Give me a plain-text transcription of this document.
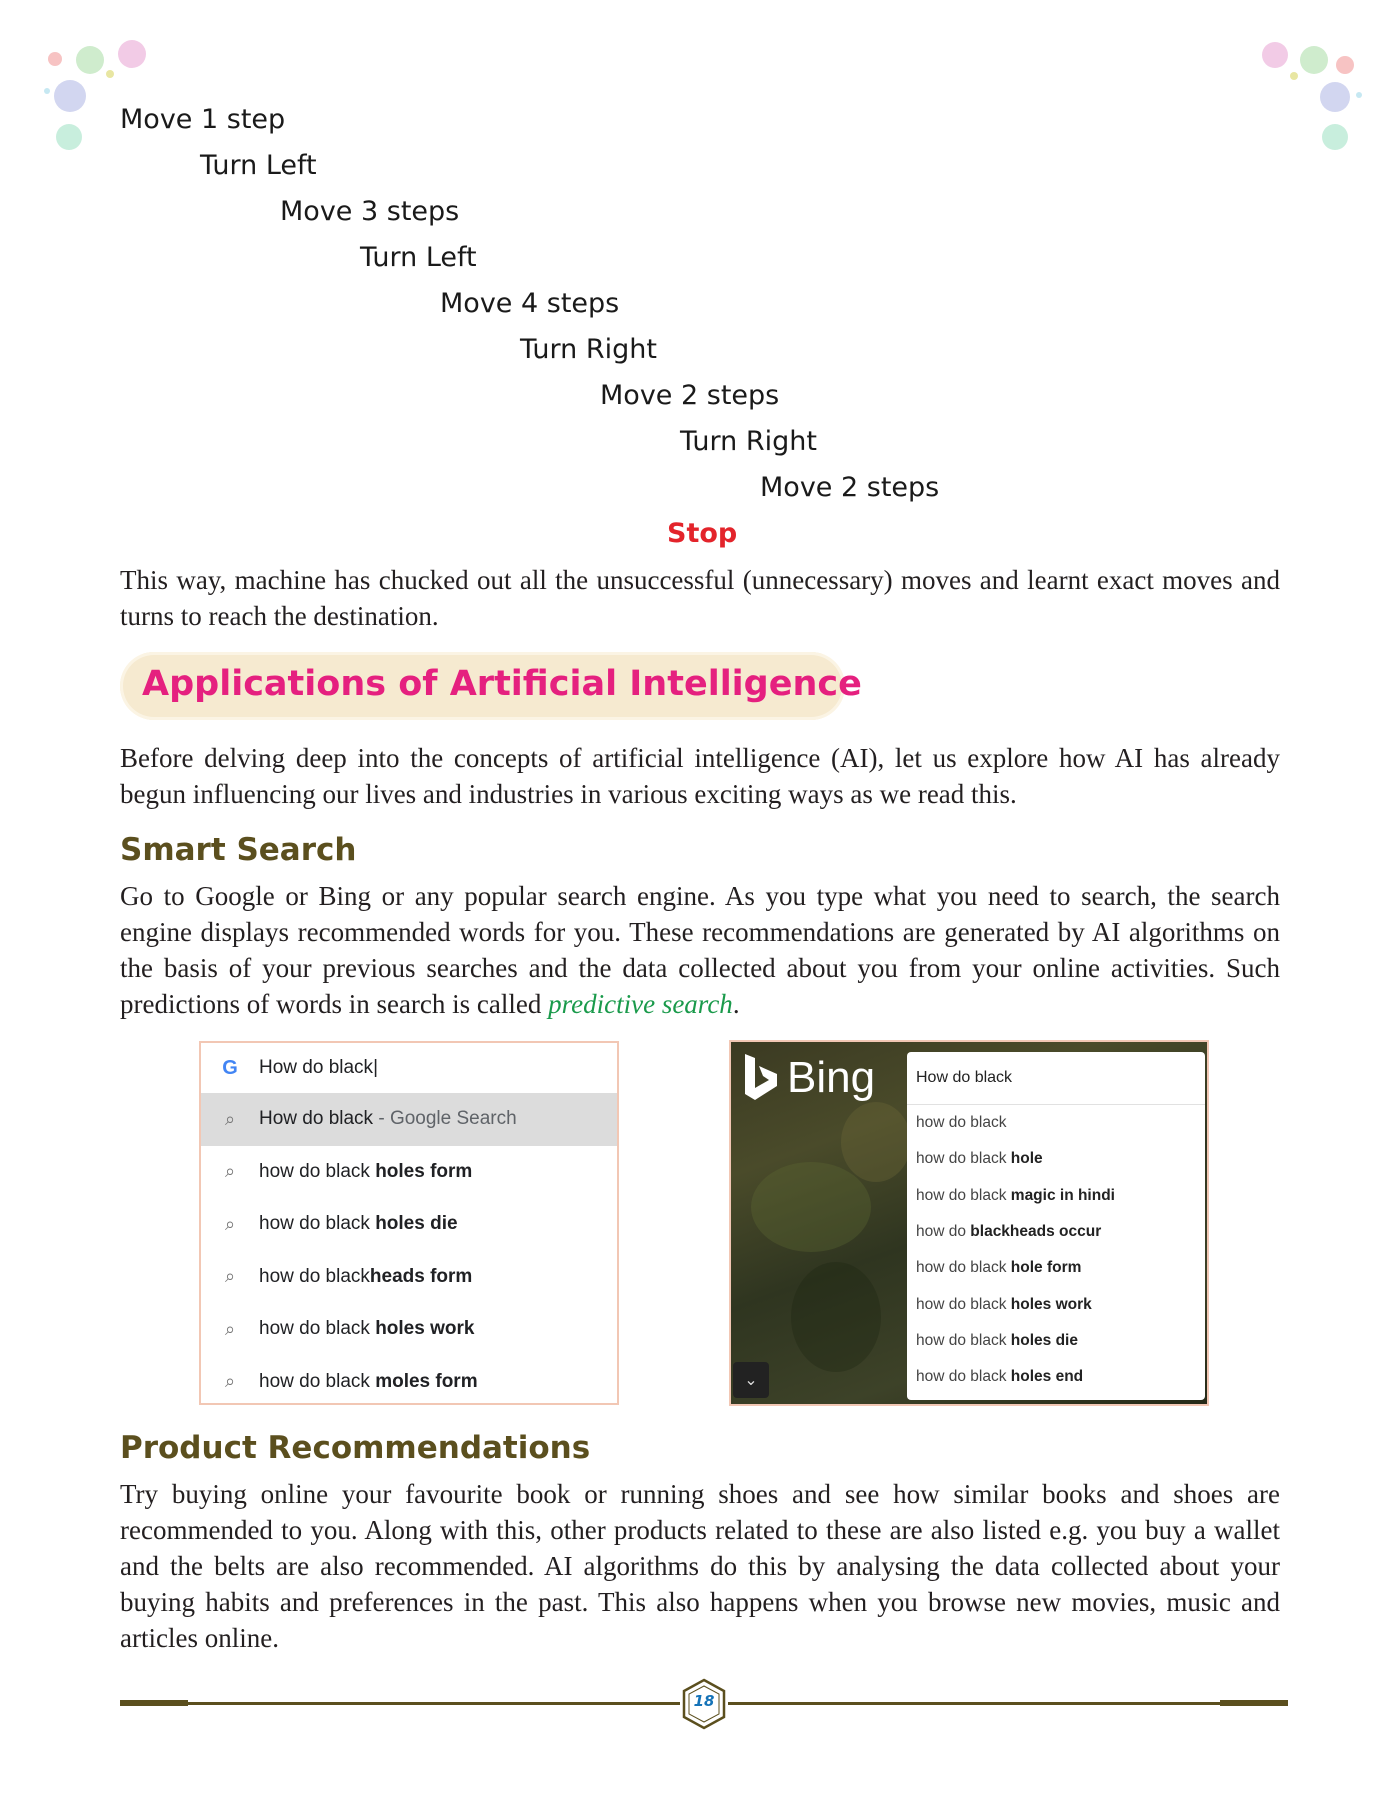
Move 1 step
Turn Left
Move 3 steps
Turn Left
Move 4 steps
Turn Right
Move 2 steps
Turn Right
Move 2 steps
Stop

This way, machine has chucked out all the unsuccessful (unnecessary) moves and learnt exact moves and turns to reach the destination.

Applications of Artificial Intelligence

Before delving deep into the concepts of artificial intelligence (AI), let us explore how AI has already begun influencing our lives and industries in various exciting ways as we read this.

Smart Search

Go to Google or Bing or any popular search engine. As you type what you need to search, the search engine displays recommended words for you. These recommendations are generated by AI algorithms on the basis of your previous searches and the data collected about you from your online activities. Such predictions of words in search is called predictive search.

G	How do black |
⌕	How do black - Google Search
⌕	how do black holes form
⌕	how do black holes die
⌕	how do black heads form
⌕	how do black holes work
⌕	how do black moles form
Bing	How do black
how do black
how do black hole
how do black magic in hindi
how do blackheads occur
how do black hole form
how do black holes work
how do black holes die
how do black holes end
⌄
Product Recommendations

Try buying online your favourite book or running shoes and see how similar books and shoes are recommended to you. Along with this, other products related to these are also listed e.g. you buy a wallet and the belts are also recommended. AI algorithms do this by analysing the data collected about your buying habits and preferences in the past. This also happens when you browse new movies, music and articles online.

18
